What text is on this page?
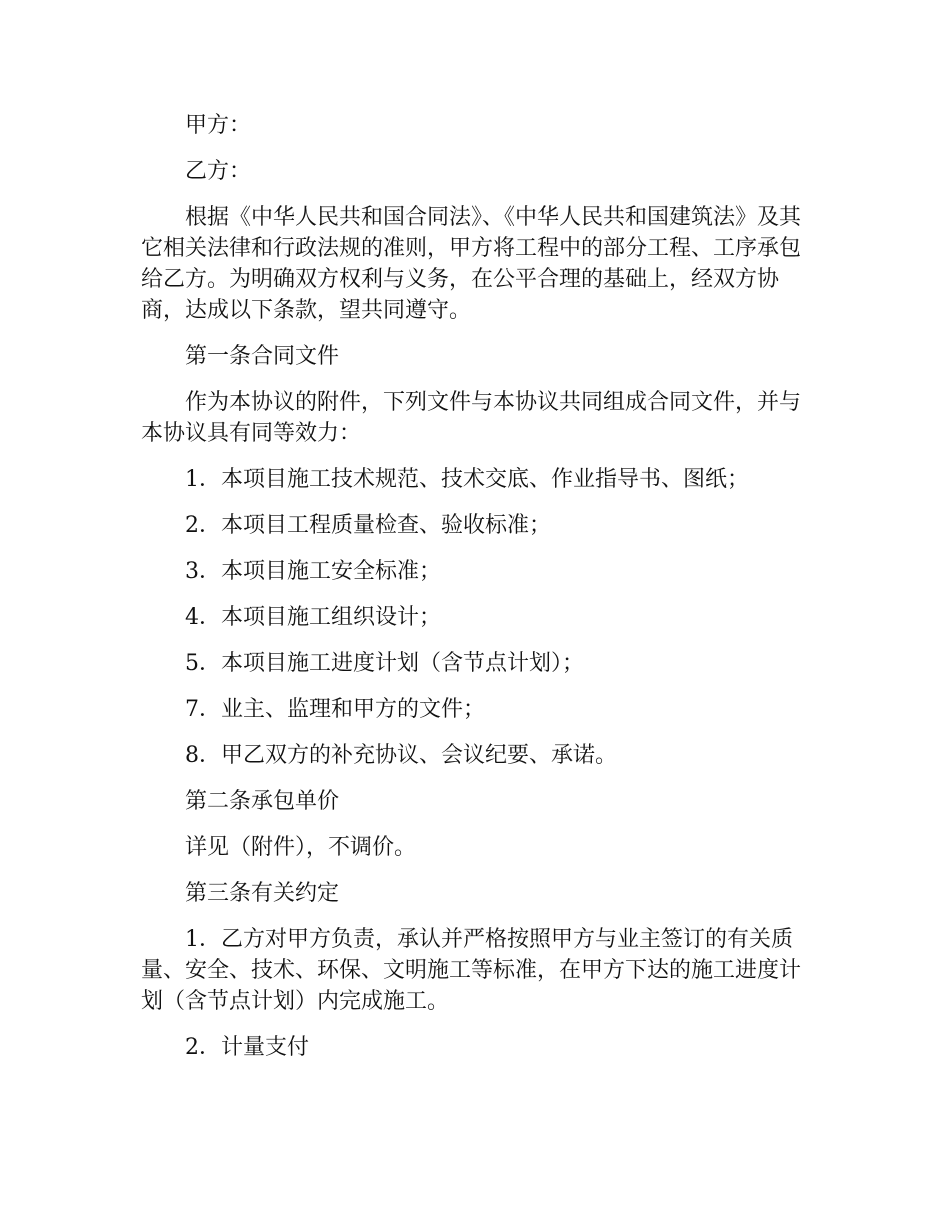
甲方：

乙方：

根据《中华人民共和国合同法》、《中华人民共和国建筑法》及其它相关法律和行政法规的准则，甲方将工程中的部分工程、工序承包给乙方。为明确双方权利与义务，在公平合理的基础上，经双方协商，达成以下条款，望共同遵守。

第一条合同文件

作为本协议的附件，下列文件与本协议共同组成合同文件，并与本协议具有同等效力：

1．本项目施工技术规范、技术交底、作业指导书、图纸；

2．本项目工程质量检查、验收标准；

3．本项目施工安全标准；

4．本项目施工组织设计；

5．本项目施工进度计划（含节点计划）；

7．业主、监理和甲方的文件；

8．甲乙双方的补充协议、会议纪要、承诺。

第二条承包单价

详见（附件），不调价。

第三条有关约定

1．乙方对甲方负责，承认并严格按照甲方与业主签订的有关质量、安全、技术、环保、文明施工等标准，在甲方下达的施工进度计划（含节点计划）内完成施工。

2．计量支付
